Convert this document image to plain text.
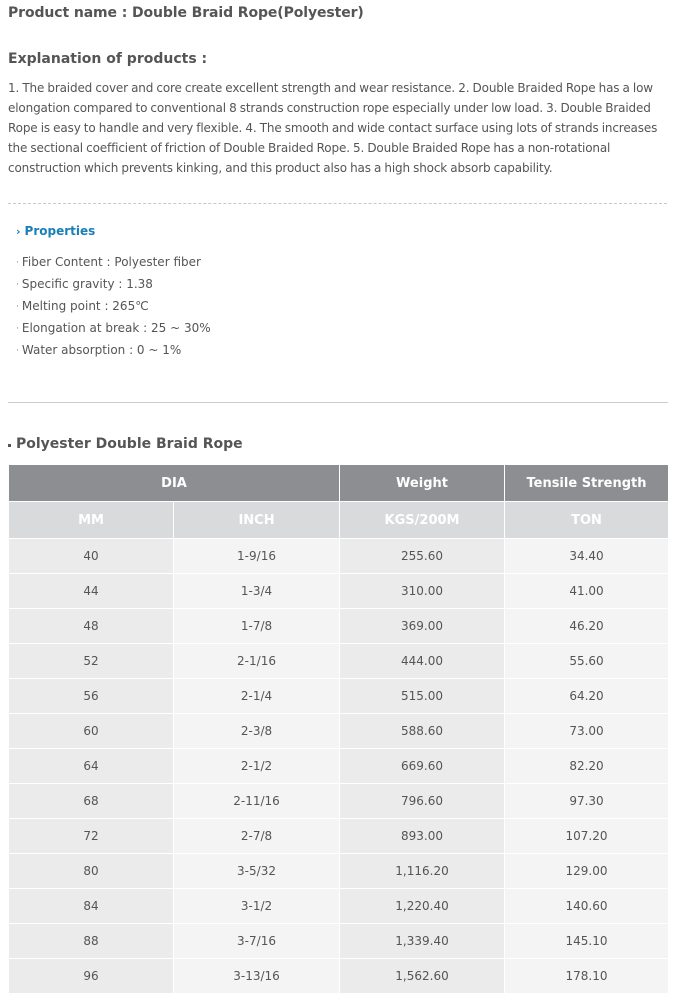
Product name : Double Braid Rope(Polyester)
Explanation of products :

1. The braided cover and core create excellent strength and wear resistance. 2. Double Braided Rope has a low elongation compared to conventional 8 strands construction rope especially under low load. 3. Double Braided Rope is easy to handle and very flexible. 4. The smooth and wide contact surface using lots of strands increases the sectional coefficient of friction of Double Braided Rope. 5. Double Braided Rope has a non-rotational construction which prevents kinking, and this product also has a high shock absorb capability.

› Properties
· Fiber Content : Polyester fiber
· Specific gravity : 1.38
· Melting point : 265℃
· Elongation at break : 25 ~ 30%
· Water absorption : 0 ~ 1%
Polyester Double Braid Rope
DIA		Weight	Tensile Strength
MM	INCH	KGS/200M	TON
40	1-9/16	255.60	34.40
44	1-3/4	310.00	41.00
48	1-7/8	369.00	46.20
52	2-1/16	444.00	55.60
56	2-1/4	515.00	64.20
60	2-3/8	588.60	73.00
64	2-1/2	669.60	82.20
68	2-11/16	796.60	97.30
72	2-7/8	893.00	107.20
80	3-5/32	1,116.20	129.00
84	3-1/2	1,220.40	140.60
88	3-7/16	1,339.40	145.10
96	3-13/16	1,562.60	178.10
